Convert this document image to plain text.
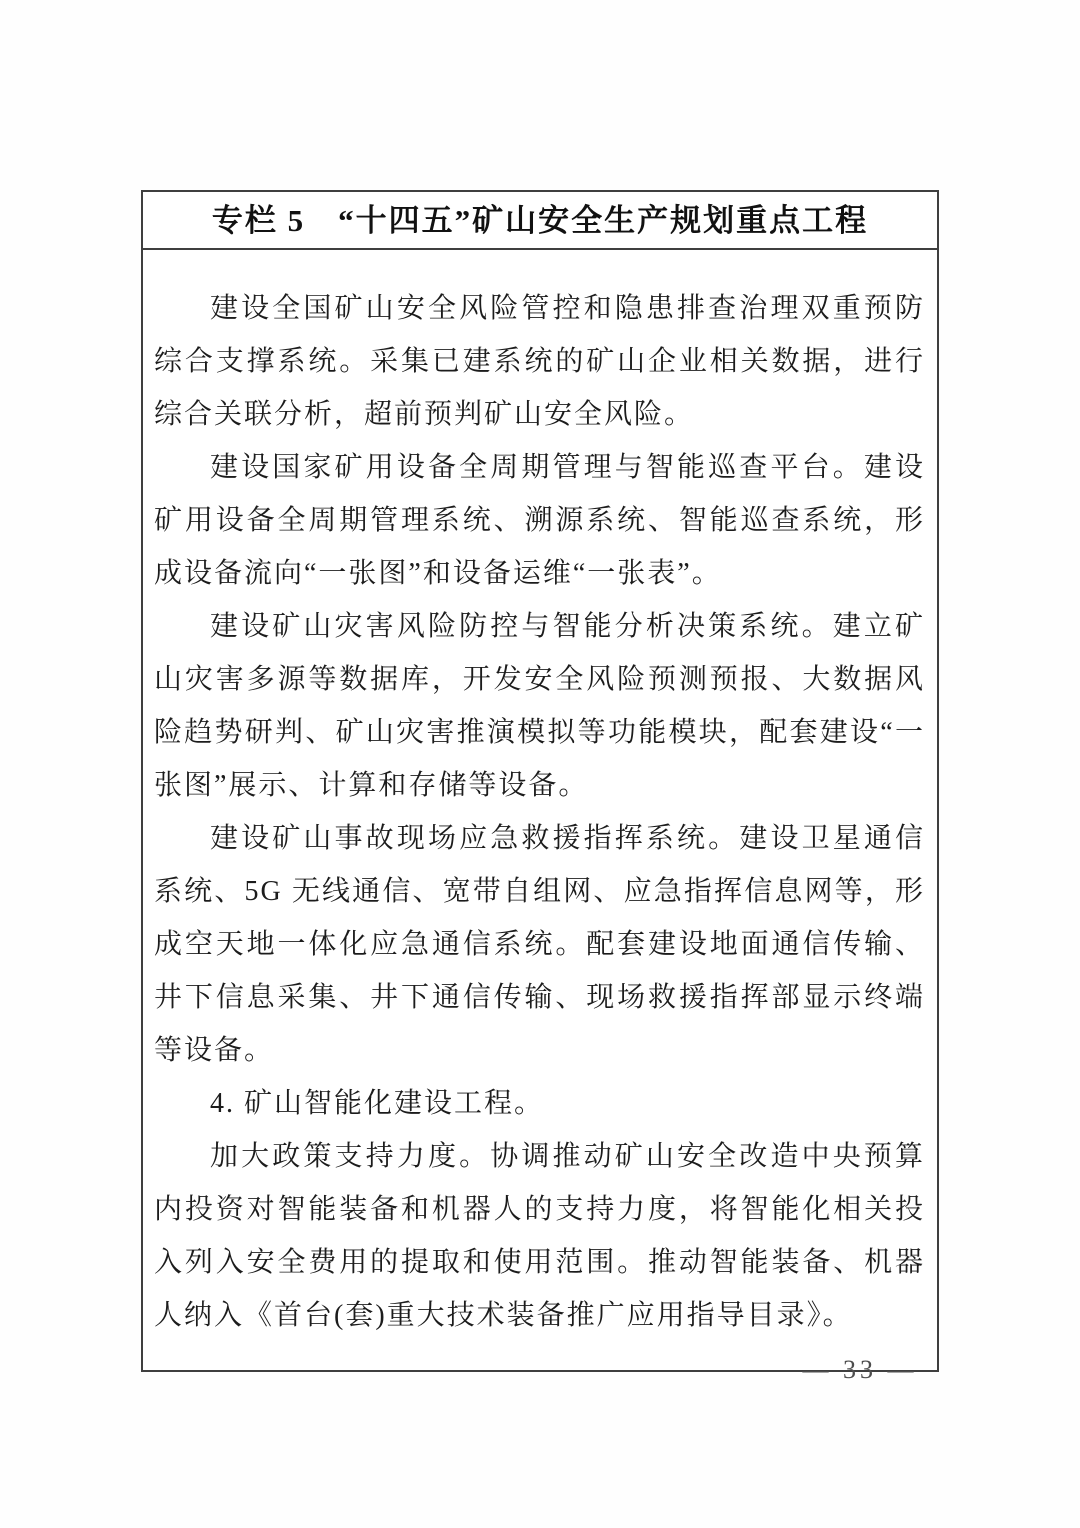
专栏 5　“十四五”矿山安全生产规划重点工程

建设全国矿山安全风险管控和隐患排查治理双重预防综合支撑系统。采集已建系统的矿山企业相关数据，进行综合关联分析，超前预判矿山安全风险。

建设国家矿用设备全周期管理与智能巡查平台。建设矿用设备全周期管理系统、溯源系统、智能巡查系统，形成设备流向“一张图”和设备运维“一张表”。

建设矿山灾害风险防控与智能分析决策系统。建立矿山灾害多源等数据库，开发安全风险预测预报、大数据风险趋势研判、矿山灾害推演模拟等功能模块，配套建设“一张图”展示、计算和存储等设备。

建设矿山事故现场应急救援指挥系统。建设卫星通信系统、5G 无线通信、宽带自组网、应急指挥信息网等，形成空天地一体化应急通信系统。配套建设地面通信传输、井下信息采集、井下通信传输、现场救援指挥部显示终端等设备。

4. 矿山智能化建设工程。

加大政策支持力度。协调推动矿山安全改造中央预算内投资对智能装备和机器人的支持力度，将智能化相关投入列入安全费用的提取和使用范围。推动智能装备、机器人纳入《首台(套)重大技术装备推广应用指导目录》。

— 33 —
